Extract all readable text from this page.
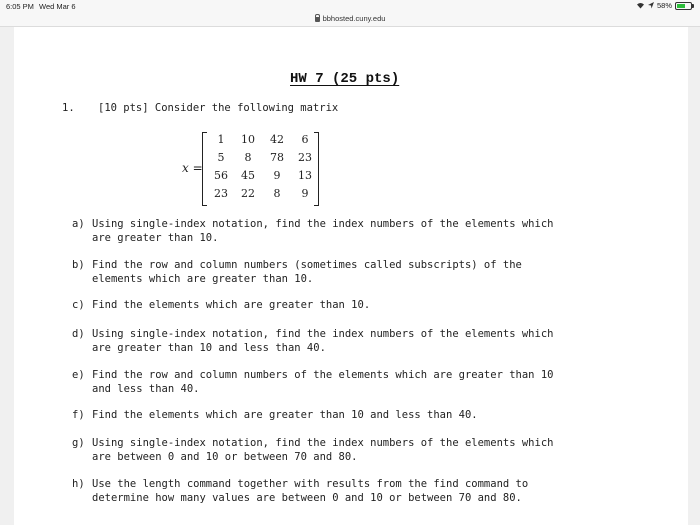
6:05 PM Wed Mar 6	58%
bbhosted.cuny.edu
HW 7 (25 pts)
1. [10 pts] Consider the following matrix
x =
1	10	42	6
5	8	78	23
56	45	9	13
23	22	8	9
a) Using single-index notation, find the index numbers of the elements which
are greater than 10.
b) Find the row and column numbers (sometimes called subscripts) of the
elements which are greater than 10.
c) Find the elements which are greater than 10.
d) Using single-index notation, find the index numbers of the elements which
are greater than 10 and less than 40.
e) Find the row and column numbers of the elements which are greater than 10
and less than 40.
f) Find the elements which are greater than 10 and less than 40.
g) Using single-index notation, find the index numbers of the elements which
are between 0 and 10 or between 70 and 80.
h) Use the length command together with results from the find command to
determine how many values are between 0 and 10 or between 70 and 80.
